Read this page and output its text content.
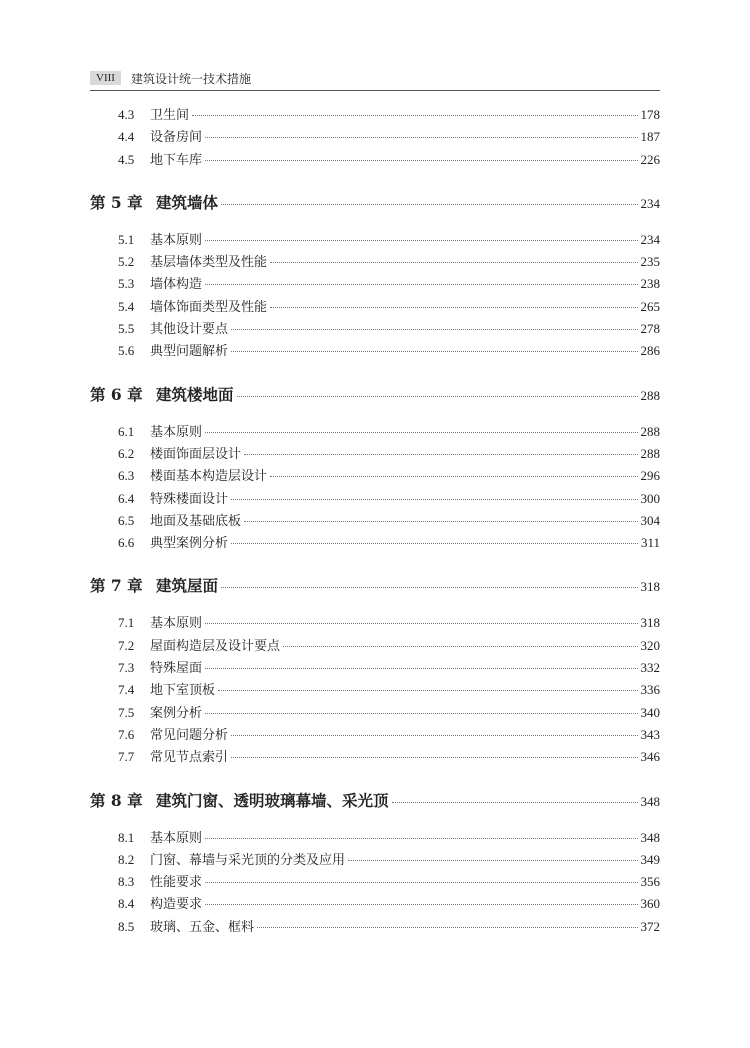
VIII	建筑设计统一技术措施
4.3	卫生间	178
4.4	设备房间	187
4.5	地下车库	226
第 5 章 建筑墙体	234
5.1	基本原则	234
5.2	基层墙体类型及性能	235
5.3	墙体构造	238
5.4	墙体饰面类型及性能	265
5.5	其他设计要点	278
5.6	典型问题解析	286
第 6 章 建筑楼地面	288
6.1	基本原则	288
6.2	楼面饰面层设计	288
6.3	楼面基本构造层设计	296
6.4	特殊楼面设计	300
6.5	地面及基础底板	304
6.6	典型案例分析	311
第 7 章 建筑屋面	318
7.1	基本原则	318
7.2	屋面构造层及设计要点	320
7.3	特殊屋面	332
7.4	地下室顶板	336
7.5	案例分析	340
7.6	常见问题分析	343
7.7	常见节点索引	346
第 8 章 建筑门窗、透明玻璃幕墙、采光顶	348
8.1	基本原则	348
8.2	门窗、幕墙与采光顶的分类及应用	349
8.3	性能要求	356
8.4	构造要求	360
8.5	玻璃、五金、框料	372
